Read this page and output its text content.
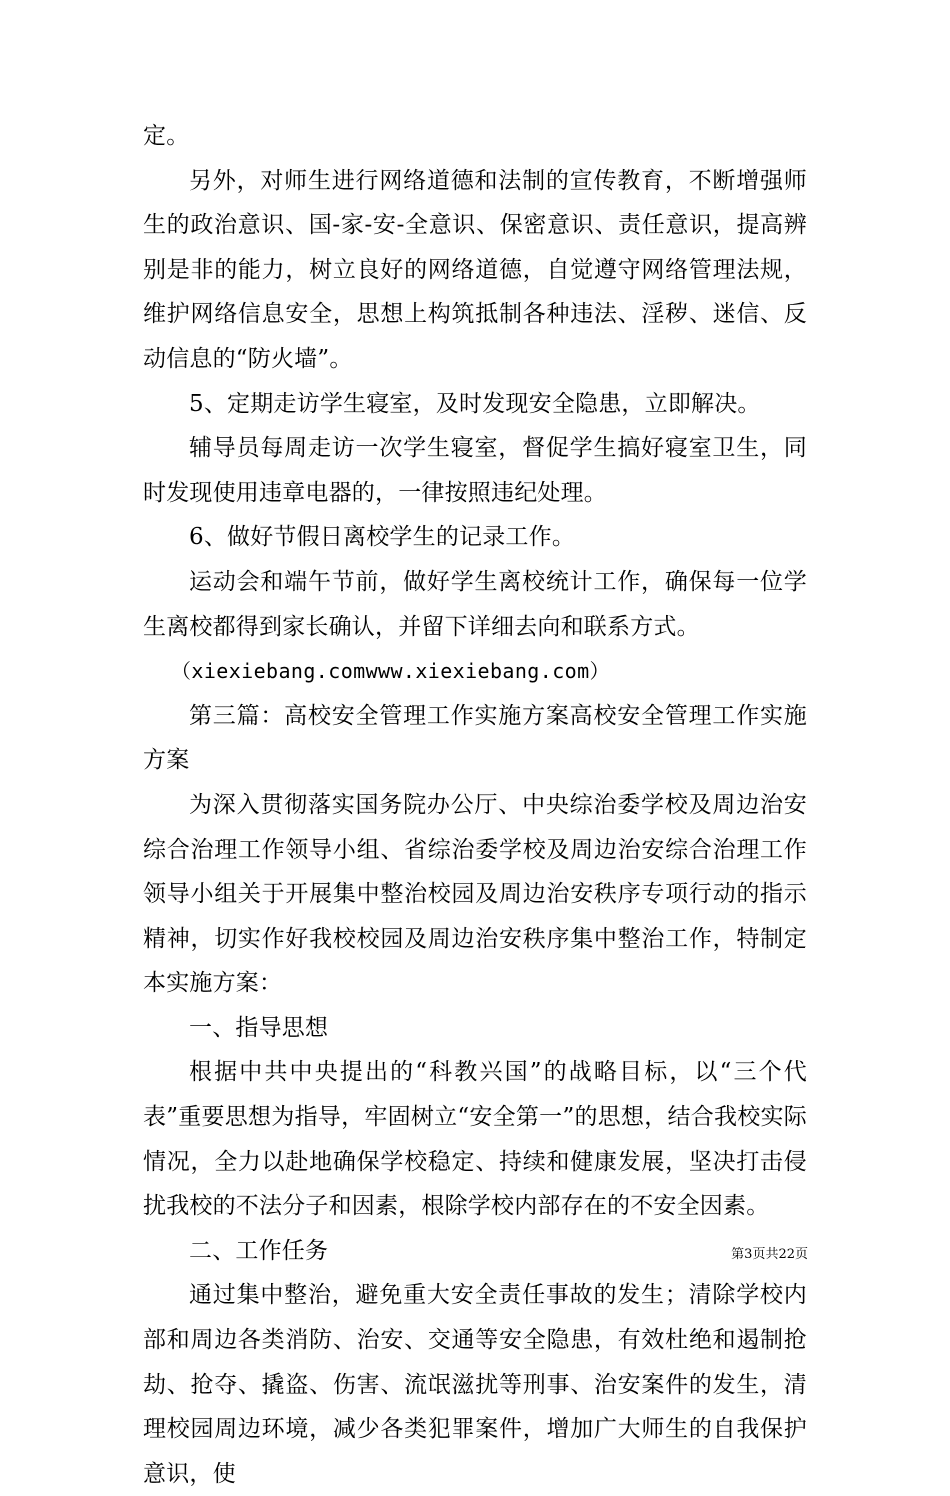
定。

另外，对师生进行网络道德和法制的宣传教育，不断增强师生的政治意识、国-家-安-全意识、保密意识、责任意识，提高辨别是非的能力，树立良好的网络道德，自觉遵守网络管理法规，维护网络信息安全，思想上构筑抵制各种违法、淫秽、迷信、反动信息的“防火墙”。

5、定期走访学生寝室，及时发现安全隐患，立即解决。

辅导员每周走访一次学生寝室，督促学生搞好寝室卫生，同时发现使用违章电器的，一律按照违纪处理。

6、做好节假日离校学生的记录工作。

运动会和端午节前，做好学生离校统计工作，确保每一位学生离校都得到家长确认，并留下详细去向和联系方式。

（xiexiebang.comwww.xiexiebang.com）

第三篇：高校安全管理工作实施方案高校安全管理工作实施方案

为深入贯彻落实国务院办公厅、中央综治委学校及周边治安综合治理工作领导小组、省综治委学校及周边治安综合治理工作领导小组关于开展集中整治校园及周边治安秩序专项行动的指示精神，切实作好我校校园及周边治安秩序集中整治工作，特制定本实施方案：

一、指导思想

根据中共中央提出的“科教兴国”的战略目标，以“三个代表”重要思想为指导，牢固树立“安全第一”的思想，结合我校实际情况，全力以赴地确保学校稳定、持续和健康发展，坚决打击侵扰我校的不法分子和因素，根除学校内部存在的不安全因素。

二、工作任务

通过集中整治，避免重大安全责任事故的发生；清除学校内部和周边各类消防、治安、交通等安全隐患，有效杜绝和遏制抢劫、抢夺、撬盗、伤害、流氓滋扰等刑事、治安案件的发生，清理校园周边环境，减少各类犯罪案件，增加广大师生的自我保护意识，使

第3页共22页
